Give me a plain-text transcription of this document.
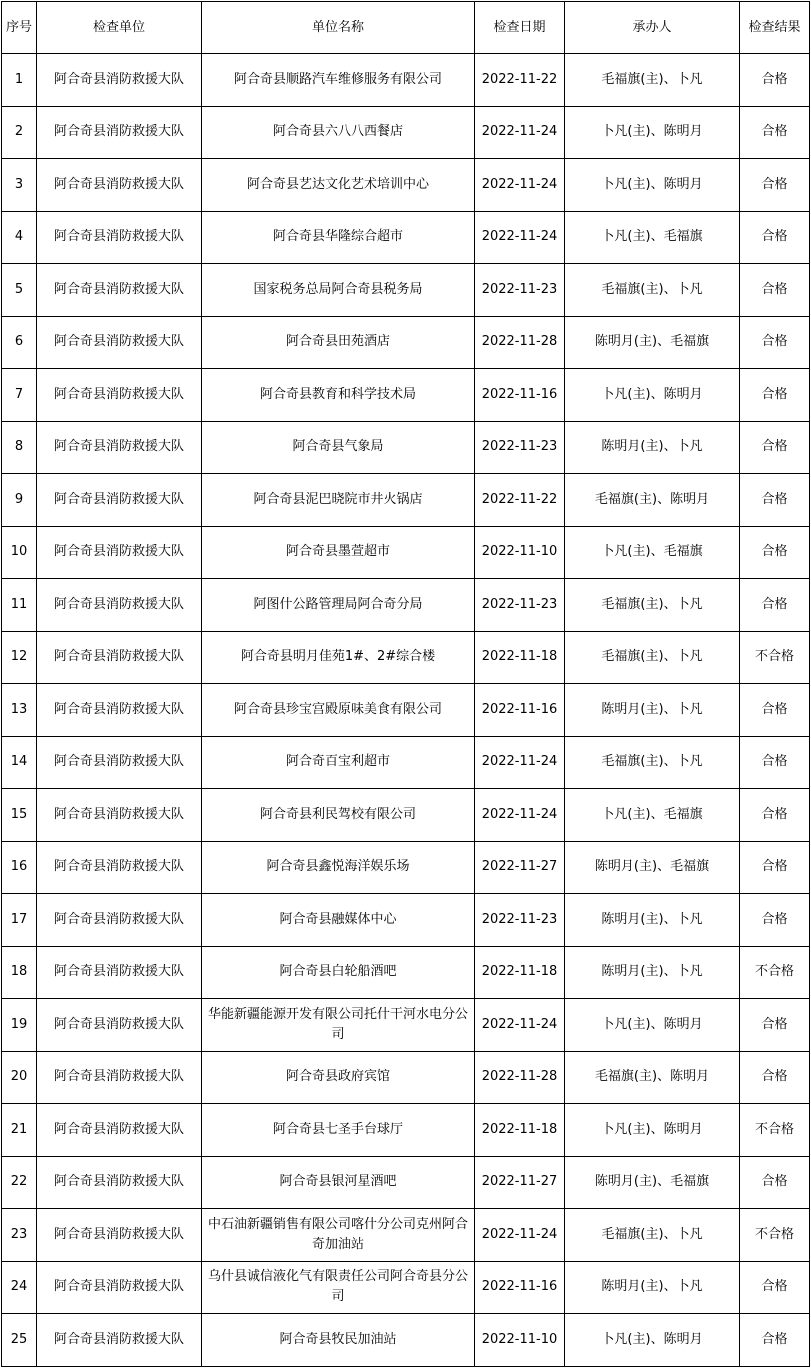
序号	检查单位	单位名称	检查日期	承办人	检查结果
1	阿合奇县消防救援大队	阿合奇县顺路汽车维修服务有限公司	2022-11-22	毛福旗(主)、卜凡	合格
2	阿合奇县消防救援大队	阿合奇县六八八西餐店	2022-11-24	卜凡(主)、陈明月	合格
3	阿合奇县消防救援大队	阿合奇县艺达文化艺术培训中心	2022-11-24	卜凡(主)、陈明月	合格
4	阿合奇县消防救援大队	阿合奇县华隆综合超市	2022-11-24	卜凡(主)、毛福旗	合格
5	阿合奇县消防救援大队	国家税务总局阿合奇县税务局	2022-11-23	毛福旗(主)、卜凡	合格
6	阿合奇县消防救援大队	阿合奇县田苑酒店	2022-11-28	陈明月(主)、毛福旗	合格
7	阿合奇县消防救援大队	阿合奇县教育和科学技术局	2022-11-16	卜凡(主)、陈明月	合格
8	阿合奇县消防救援大队	阿合奇县气象局	2022-11-23	陈明月(主)、卜凡	合格
9	阿合奇县消防救援大队	阿合奇县泥巴晓院市井火锅店	2022-11-22	毛福旗(主)、陈明月	合格
10	阿合奇县消防救援大队	阿合奇县墨萱超市	2022-11-10	卜凡(主)、毛福旗	合格
11	阿合奇县消防救援大队	阿图什公路管理局阿合奇分局	2022-11-23	毛福旗(主)、卜凡	合格
12	阿合奇县消防救援大队	阿合奇县明月佳苑1#、2#综合楼	2022-11-18	毛福旗(主)、卜凡	不合格
13	阿合奇县消防救援大队	阿合奇县珍宝宫殿原味美食有限公司	2022-11-16	陈明月(主)、卜凡	合格
14	阿合奇县消防救援大队	阿合奇百宝利超市	2022-11-24	毛福旗(主)、卜凡	合格
15	阿合奇县消防救援大队	阿合奇县利民驾校有限公司	2022-11-24	卜凡(主)、毛福旗	合格
16	阿合奇县消防救援大队	阿合奇县鑫悦海洋娱乐场	2022-11-27	陈明月(主)、毛福旗	合格
17	阿合奇县消防救援大队	阿合奇县融媒体中心	2022-11-23	陈明月(主)、卜凡	合格
18	阿合奇县消防救援大队	阿合奇县白轮船酒吧	2022-11-18	陈明月(主)、卜凡	不合格
19	阿合奇县消防救援大队	华能新疆能源开发有限公司托什干河水电分公司	2022-11-24	卜凡(主)、陈明月	合格
20	阿合奇县消防救援大队	阿合奇县政府宾馆	2022-11-28	毛福旗(主)、陈明月	合格
21	阿合奇县消防救援大队	阿合奇县七圣手台球厅	2022-11-18	卜凡(主)、陈明月	不合格
22	阿合奇县消防救援大队	阿合奇县银河星酒吧	2022-11-27	陈明月(主)、毛福旗	合格
23	阿合奇县消防救援大队	中石油新疆销售有限公司喀什分公司克州阿合奇加油站	2022-11-24	毛福旗(主)、卜凡	不合格
24	阿合奇县消防救援大队	乌什县诚信液化气有限责任公司阿合奇县分公司	2022-11-16	陈明月(主)、卜凡	合格
25	阿合奇县消防救援大队	阿合奇县牧民加油站	2022-11-10	卜凡(主)、陈明月	合格
